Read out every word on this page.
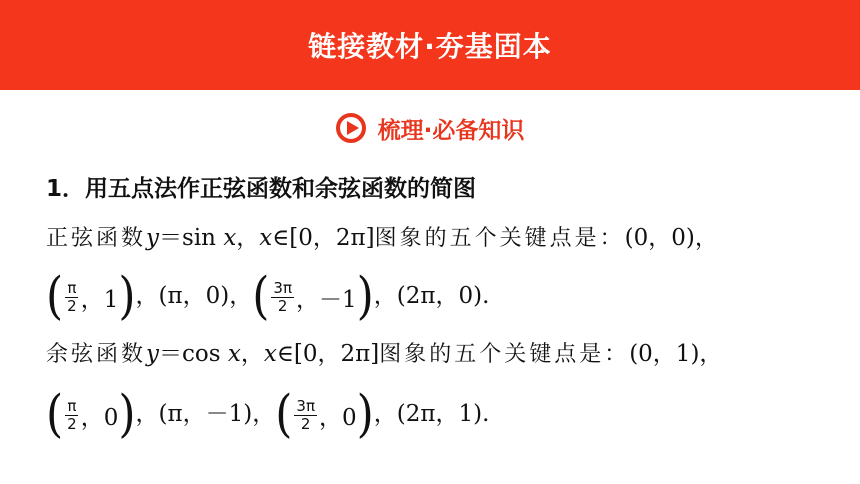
链接教材·夯基固本
梳理·必备知识
1．用五点法作正弦函数和余弦函数的简图
正弦函数y＝sin x，x∈[0，2π]图象的五个关键点是：(0，0)，
( $\frac{\pi}{2}$ ，1 ) ，(π，0)， ( $\frac{3\pi}{2}$ ，－1 ) ，(2π，0).
余弦函数y＝cos x，x∈[0，2π]图象的五个关键点是：(0，1)，
( $\frac{\pi}{2}$ ，0 ) ，(π，－1)， ( $\frac{3\pi}{2}$ ，0 ) ，(2π，1).
